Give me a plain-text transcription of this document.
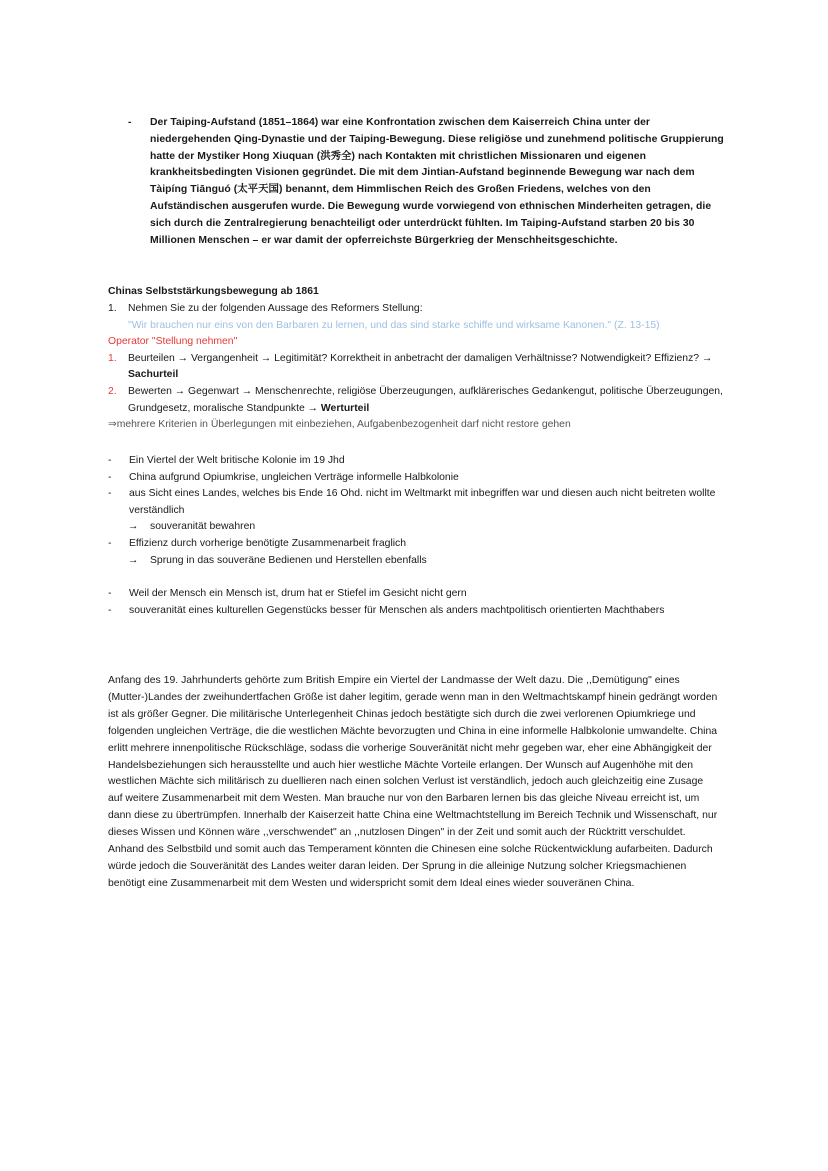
- Der Taiping-Aufstand (1851–1864) war eine Konfrontation zwischen dem Kaiserreich China unter der niedergehenden Qing-Dynastie und der Taiping-Bewegung. Diese religiöse und zunehmend politische Gruppierung hatte der Mystiker Hong Xiuquan (洪秀全) nach Kontakten mit christlichen Missionaren und eigenen krankheitsbedingten Visionen gegründet. Die mit dem Jintian-Aufstand beginnende Bewegung war nach dem Tàipíng Tiānguó (太平天国) benannt, dem Himmlischen Reich des Großen Friedens, welches von den Aufständischen ausgerufen wurde. Die Bewegung wurde vorwiegend von ethnischen Minderheiten getragen, die sich durch die Zentralregierung benachteiligt oder unterdrückt fühlten. Im Taiping-Aufstand starben 20 bis 30 Millionen Menschen – er war damit der opferreichste Bürgerkrieg der Menschheitsgeschichte.
Chinas Selbststärkungsbewegung ab 1861
1. Nehmen Sie zu der folgenden Aussage des Reformers Stellung:
"Wir brauchen nur eins von den Barbaren zu lernen, und das sind starke schiffe und wirksame Kanonen." (Z. 13-15)
Operator "Stellung nehmen"
1. Beurteilen → Vergangenheit → Legitimität? Korrektheit in anbetracht der damaligen Verhältnisse? Notwendigkeit? Effizienz? → Sachurteil
2. Bewerten → Gegenwart → Menschenrechte, religiöse Überzeugungen, aufklärerisches Gedankengut, politische Überzeugungen, Grundgesetz, moralische Standpunkte → Werturteil
⇒mehrere Kriterien in Überlegungen mit einbeziehen, Aufgabenbezogenheit darf nicht restore gehen
- Ein Viertel der Welt britische Kolonie im 19 Jhd
- China aufgrund Opiumkrise, ungleichen Verträge informelle Halbkolonie
- aus Sicht eines Landes, welches bis Ende 16 Ohd. nicht im Weltmarkt mit inbegriffen war und diesen auch nicht beitreten wollte verständlich
→ souveranität bewahren
- Effizienz durch vorherige benötigte Zusammenarbeit fraglich
→ Sprung in das souveräne Bedienen und Herstellen ebenfalls
- Weil der Mensch ein Mensch ist, drum hat er Stiefel im Gesicht nicht gern
- souveranität eines kulturellen Gegenstücks besser für Menschen als anders machtpolitisch orientierten Machthabers
Anfang des 19. Jahrhunderts gehörte zum British Empire ein Viertel der Landmasse der Welt dazu. Die ,,Demütigung" eines (Mutter-)Landes der zweihundertfachen Größe ist daher legitim, gerade wenn man in den Weltmachtskampf hinein gedrängt worden ist als größer Gegner. Die militärische Unterlegenheit Chinas jedoch bestätigte sich durch die zwei verlorenen Opiumkriege und folgenden ungleichen Verträge, die die westlichen Mächte bevorzugten und China in eine informelle Halbkolonie umwandelte. China erlitt mehrere innenpolitische Rückschläge, sodass die vorherige Souveränität nicht mehr gegeben war, eher eine Abhängigkeit der Handelsbeziehungen sich herausstellte und auch hier westliche Mächte Vorteile erlangen. Der Wunsch auf Augenhöhe mit den westlichen Mächte sich militärisch zu duellieren nach einen solchen Verlust ist verständlich, jedoch auch gleichzeitig eine Zusage auf weitere Zusammenarbeit mit dem Westen. Man brauche nur von den Barbaren lernen bis das gleiche Niveau erreicht ist, um dann diese zu übertrümpfen. Innerhalb der Kaiserzeit hatte China eine Weltmachtstellung im Bereich Technik und Wissenschaft, nur dieses Wissen und Können wäre ,,verschwendet" an ,,nutzlosen Dingen" in der Zeit und somit auch der Rücktritt verschuldet. Anhand des Selbstbild und somit auch das Temperament könnten die Chinesen eine solche Rückentwicklung aufarbeiten. Dadurch würde jedoch die Souveränität des Landes weiter daran leiden. Der Sprung in die alleinige Nutzung solcher Kriegsmachienen benötigt eine Zusammenarbeit mit dem Westen und widerspricht somit dem Ideal eines wieder souveränen China.
